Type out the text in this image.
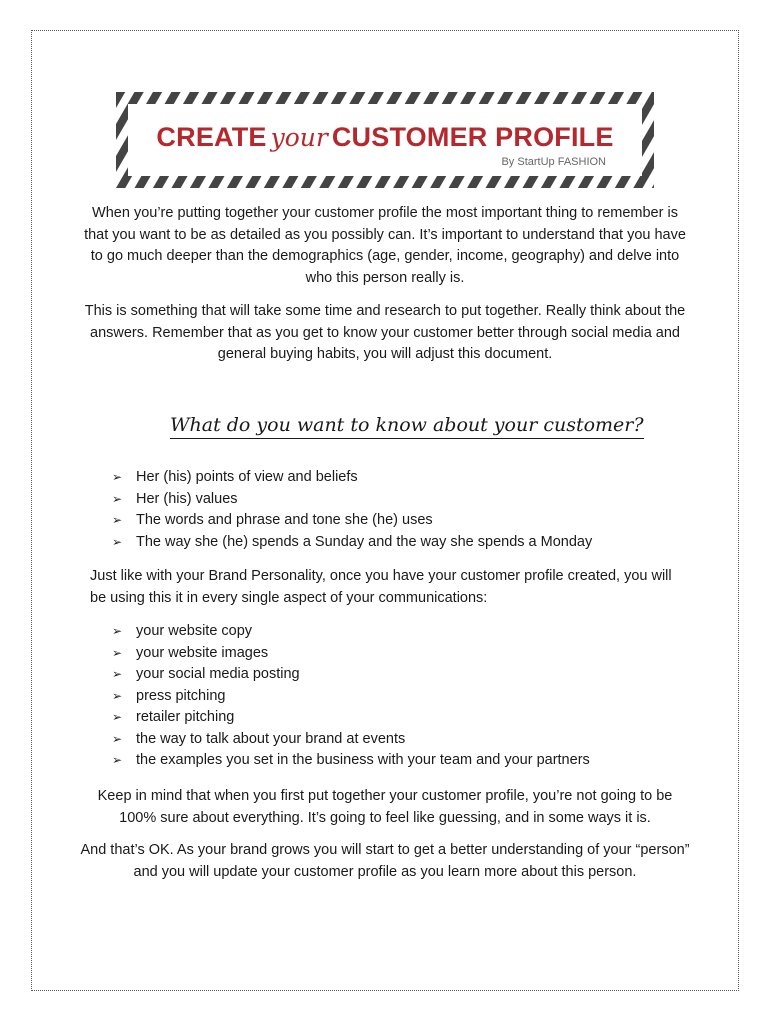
CREATE your CUSTOMER PROFILE
By StartUp FASHION
When you’re putting together your customer profile the most important thing to remember is that you want to be as detailed as you possibly can. It’s important to understand that you have to go much deeper than the demographics (age, gender, income, geography) and delve into who this person really is.
This is something that will take some time and research to put together. Really think about the answers. Remember that as you get to know your customer better through social media and general buying habits, you will adjust this document.
What do you want to know about your customer?
➢ Her (his) points of view and beliefs
➢ Her (his) values
➢ The words and phrase and tone she (he) uses
➢ The way she (he) spends a Sunday and the way she spends a Monday
Just like with your Brand Personality, once you have your customer profile created, you will be using this it in every single aspect of your communications:
➢ your website copy
➢ your website images
➢ your social media posting
➢ press pitching
➢ retailer pitching
➢ the way to talk about your brand at events
➢ the examples you set in the business with your team and your partners
Keep in mind that when you first put together your customer profile, you’re not going to be 100% sure about everything. It’s going to feel like guessing, and in some ways it is.
And that’s OK. As your brand grows you will start to get a better understanding of your “person” and you will update your customer profile as you learn more about this person.
